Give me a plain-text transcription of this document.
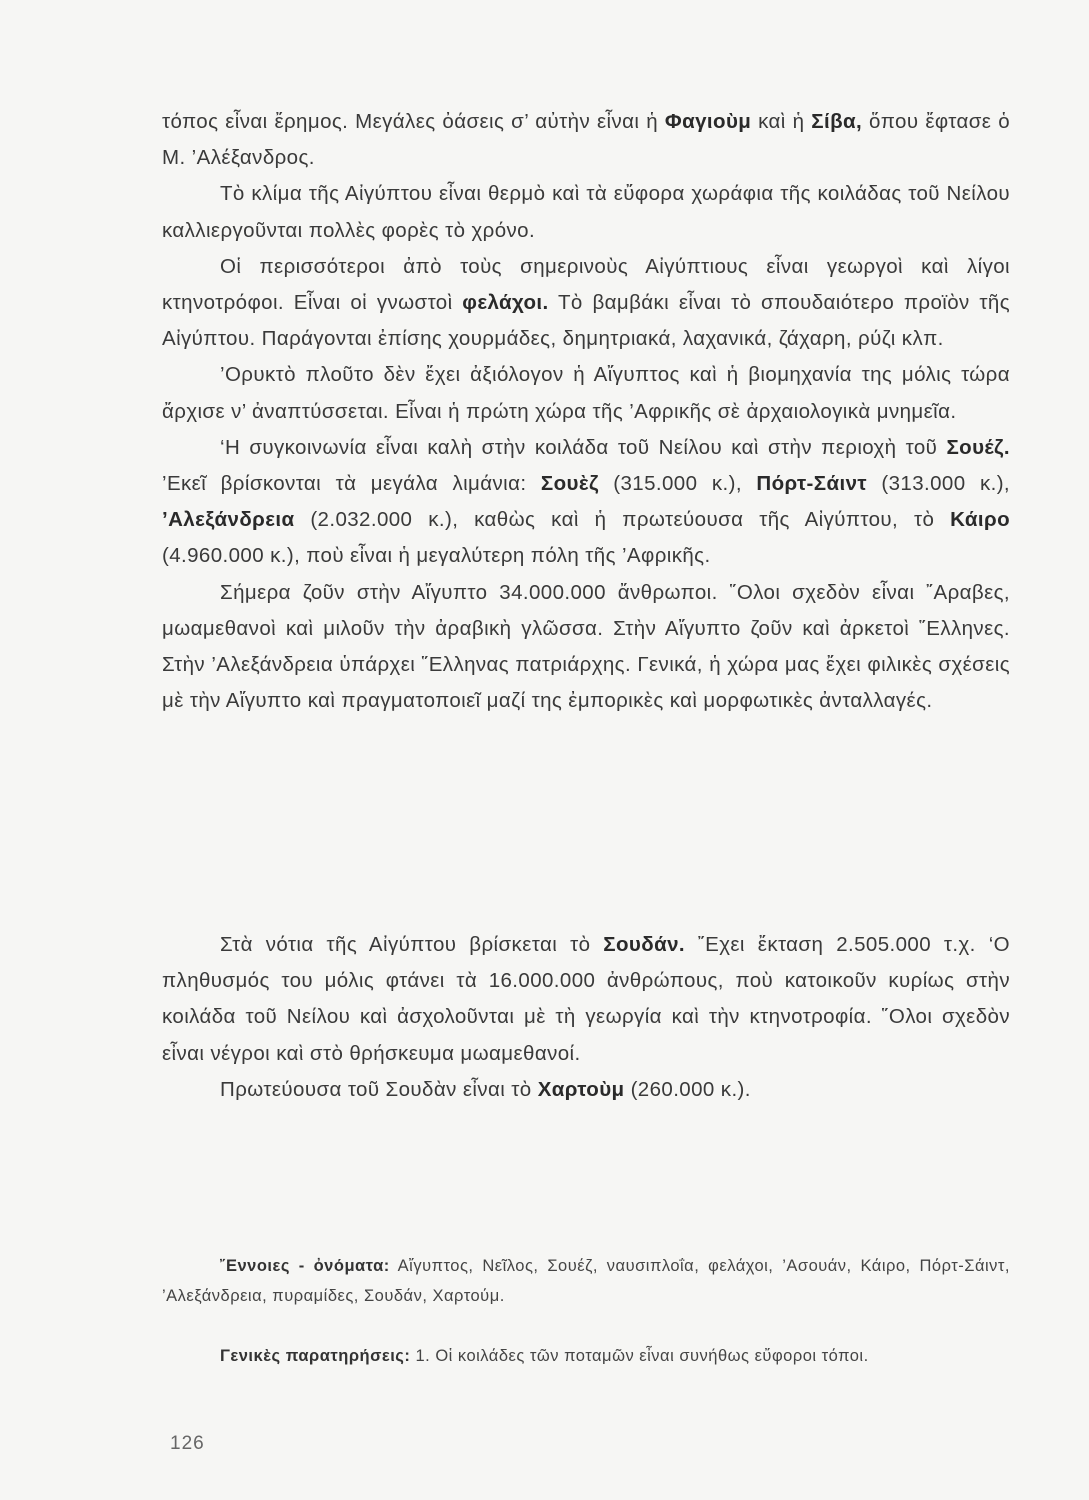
τόπος εἶναι ἔρημος. Μεγάλες ὀάσεις σ’ αὐτὴν εἶναι ἡ Φαγιοὺμ καὶ ἡ Σίβα, ὅπου ἔφτασε ὁ Μ. ’Αλέξανδρος.

Τὸ κλίμα τῆς Αἰγύπτου εἶναι θερμὸ καὶ τὰ εὔφορα χωράφια τῆς κοιλάδας τοῦ Νείλου καλλιεργοῦνται πολλὲς φορὲς τὸ χρόνο.

Οἱ περισσότεροι ἀπὸ τοὺς σημερινοὺς Αἰγύπτιους εἶναι γεωργοὶ καὶ λίγοι κτηνοτρόφοι. Εἶναι οἱ γνωστοὶ φελάχοι. Τὸ βαμβάκι εἶναι τὸ σπουδαιότερο προϊὸν τῆς Αἰγύπτου. Παράγονται ἐπίσης χουρμάδες, δημητριακά, λαχανικά, ζάχαρη, ρύζι κλπ.

’Ορυκτὸ πλοῦτο δὲν ἔχει ἀξιόλογον ἡ Αἴγυπτος καὶ ἡ βιομηχανία της μόλις τώρα ἄρχισε ν’ ἀναπτύσσεται. Εἶναι ἡ πρώτη χώρα τῆς ’Αφρικῆς σὲ ἀρχαιολογικὰ μνημεῖα.

‘Η συγκοινωνία εἶναι καλὴ στὴν κοιλάδα τοῦ Νείλου καὶ στὴν περιοχὴ τοῦ Σουέζ. ’Εκεῖ βρίσκονται τὰ μεγάλα λιμάνια: Σουὲζ (315.000 κ.), Πόρτ-Σάιντ (313.000 κ.), ’Αλεξάνδρεια (2.032.000 κ.), καθὼς καὶ ἡ πρωτεύουσα τῆς Αἰγύπτου, τὸ Κάιρο (4.960.000 κ.), ποὺ εἶναι ἡ μεγαλύτερη πόλη τῆς ’Αφρικῆς.

Σήμερα ζοῦν στὴν Αἴγυπτο 34.000.000 ἄνθρωποι. ῞Ολοι σχεδὸν εἶναι ῎Αραβες, μωαμεθανοὶ καὶ μιλοῦν τὴν ἀραβικὴ γλῶσσα. Στὴν Αἴγυπτο ζοῦν καὶ ἀρκετοὶ ῞Ελληνες. Στὴν ’Αλεξάνδρεια ὑπάρχει ῞Ελληνας πατριάρχης. Γενικά, ἡ χώρα μας ἔχει φιλικὲς σχέσεις μὲ τὴν Αἴγυπτο καὶ πραγματοποιεῖ μαζί της ἐμπορικὲς καὶ μορφωτικὲς ἀνταλλαγές.

Στὰ νότια τῆς Αἰγύπτου βρίσκεται τὸ Σουδάν. ῎Εχει ἔκταση 2.505.000 τ.χ. ‘Ο πληθυσμός του μόλις φτάνει τὰ 16.000.000 ἀνθρώπους, ποὺ κατοικοῦν κυρίως στὴν κοιλάδα τοῦ Νείλου καὶ ἀσχολοῦνται μὲ τὴ γεωργία καὶ τὴν κτηνοτροφία. ῞Ολοι σχεδὸν εἶναι νέγροι καὶ στὸ θρήσκευμα μωαμεθανοί.

Πρωτεύουσα τοῦ Σουδὰν εἶναι τὸ Χαρτοὺμ (260.000 κ.).

῎Εννοιες - ὀνόματα: Αἴγυπτος, Νεῖλος, Σουέζ, ναυσιπλοΐα, φελάχοι, ’Ασουάν, Κάιρο, Πόρτ-Σάιντ, ’Αλεξάνδρεια, πυραμίδες, Σουδάν, Χαρτούμ.

Γενικὲς παρατηρήσεις: 1. Οἱ κοιλάδες τῶν ποταμῶν εἶναι συνήθως εὔφοροι τόποι.

126
